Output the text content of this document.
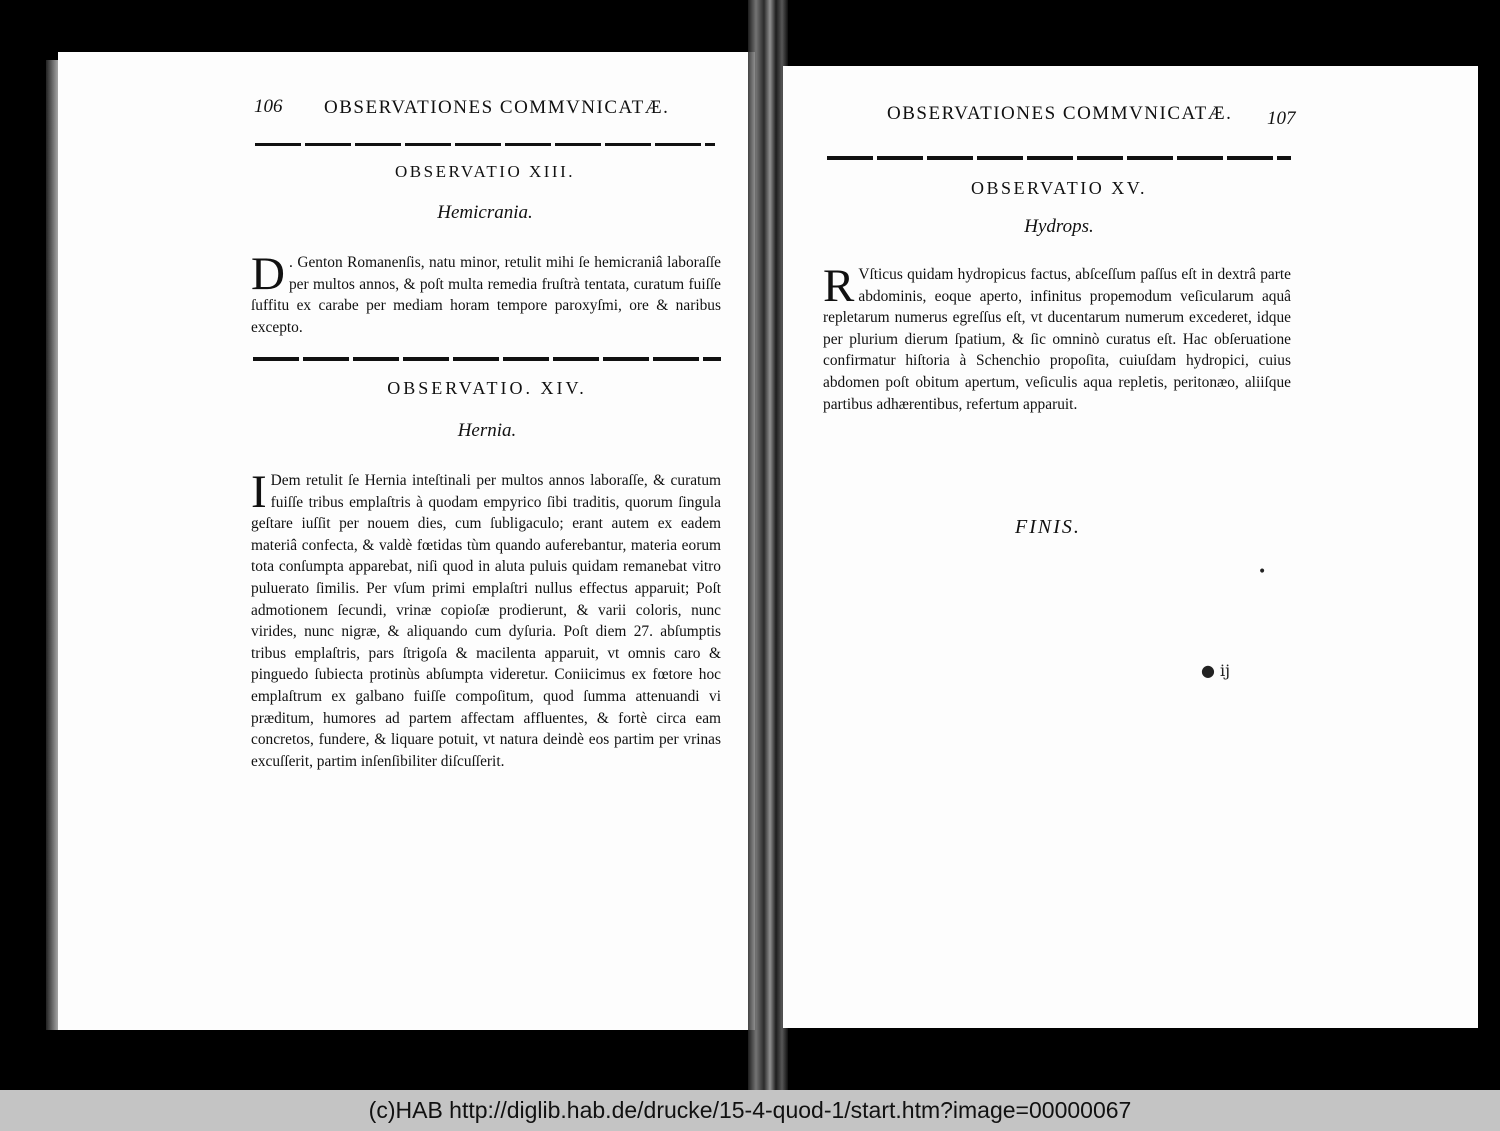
106 OBSERVATIONES COMMVNICATÆ.
OBSERVATIO XIII.
Hemicrania.
D . Genton Romanenſis, natu minor, retulit mihi ſe hemicraniâ laboraſſe per multos annos, & poſt multa remedia fruſtrà tentata, curatum fuiſſe ſuffitu ex carabe per mediam horam tempore paroxyſmi, ore & naribus excepto.
OBSERVATIO. XIV.
Hernia.
I Dem retulit ſe Hernia inteſtinali per multos annos laboraſſe, & curatum fuiſſe tribus emplaſtris à quodam empyrico ſibi traditis, quorum ſingula geſtare iuſſit per nouem dies, cum ſubligaculo; erant autem ex eadem materiâ confecta, & valdè fœtidas tùm quando auferebantur, materia eorum tota conſumpta apparebat, niſi quod in aluta puluis quidam remanebat vitro puluerato ſimilis. Per vſum primi emplaſtri nullus effectus apparuit; Poſt admotionem ſecundi, vrinæ copioſæ prodierunt, & varii coloris, nunc virides, nunc nigræ, & aliquando cum dyſuria. Poſt diem 27. abſumptis tribus emplaſtris, pars ſtrigoſa & macilenta apparuit, vt omnis caro & pinguedo ſubiecta protinùs abſumpta videretur. Coniicimus ex fœtore hoc emplaſtrum ex galbano fuiſſe compoſitum, quod ſumma attenuandi vi præditum, humores ad partem affectam affluentes, & fortè circa eam concretos, fundere, & liquare potuit, vt natura deindè eos partim per vrinas excuſſerit, partim inſenſibiliter diſcuſſerit.
OBSERVATIONES COMMVNICATÆ. 107
OBSERVATIO XV.
Hydrops.
R Vſticus quidam hydropicus factus, abſceſſum paſſus eſt in dextrâ parte abdominis, eoque aperto, infinitus propemodum veſicularum aquâ repletarum numerus egreſſus eſt, vt ducentarum numerum excederet, idque per plurium dierum ſpatium, & ſic omninò curatus eſt. Hac obſeruatione confirmatur hiſtoria à Schenchio propoſita, cuiuſdam hydropici, cuius abdomen poſt obitum apertum, veſiculis aqua repletis, peritonæo, aliiſque partibus adhærentibus, refertum apparuit.
FINIS.
•
● ij
(c)HAB http://diglib.hab.de/drucke/15-4-quod-1/start.htm?image=00000067
